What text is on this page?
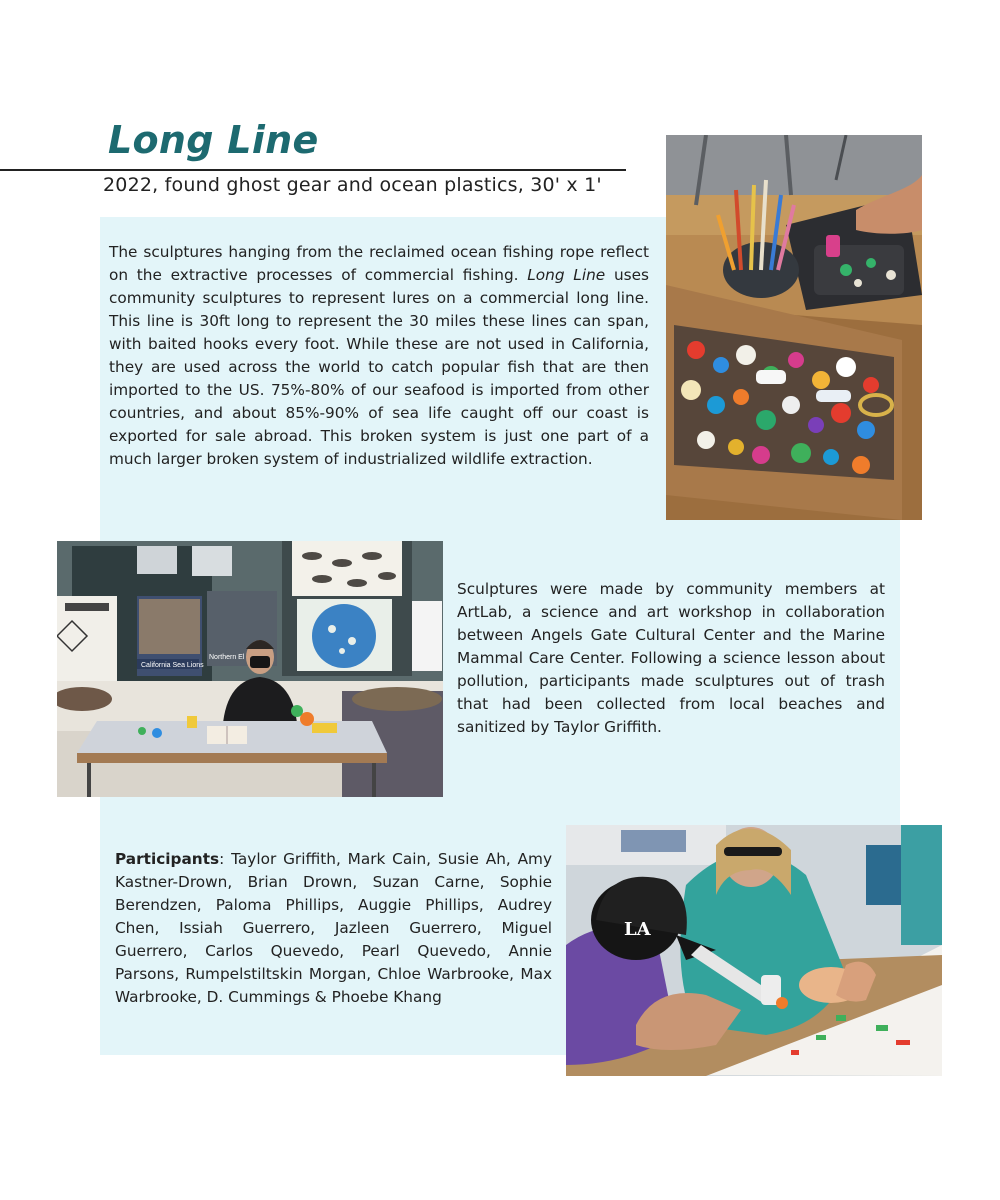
Long Line

2022, found ghost gear and ocean plastics, 30' x 1'

The sculptures hanging from the reclaimed ocean fishing rope reflect on the extractive processes of commercial fishing. Long Line uses community sculptures to represent lures on a commercial long line. This line is 30ft long to represent the 30 miles these lines can span, with baited hooks every foot. While these are not used in California, they are used across the world to catch popular fish that are then imported to the US. 75%-80% of our seafood is imported from other countries, and about 85%-90% of sea life caught off our coast is exported for sale abroad. This broken system is just one part of a much larger broken system of industrialized wildlife extraction.

Sculptures were made by community members at ArtLab, a science and art workshop in collaboration between Angels Gate Cultural Center and the Marine Mammal Care Center. Following a science lesson about pollution, participants made sculptures out of trash that had been collected from local beaches and sanitized by Taylor Griffith.

Participants: Taylor Griffith, Mark Cain, Susie Ah, Amy Kastner-Drown, Brian Drown, Suzan Carne, Sophie Berendzen, Paloma Phillips, Auggie Phillips, Audrey Chen, Issiah Guerrero, Jazleen Guerrero, Miguel Guerrero, Carlos Quevedo, Pearl Quevedo, Annie Parsons, Rumpelstiltskin Morgan, Chloe Warbrooke, Max Warbrooke, D. Cummings & Phoebe Khang

California Sea Lions
Northern El
LA
